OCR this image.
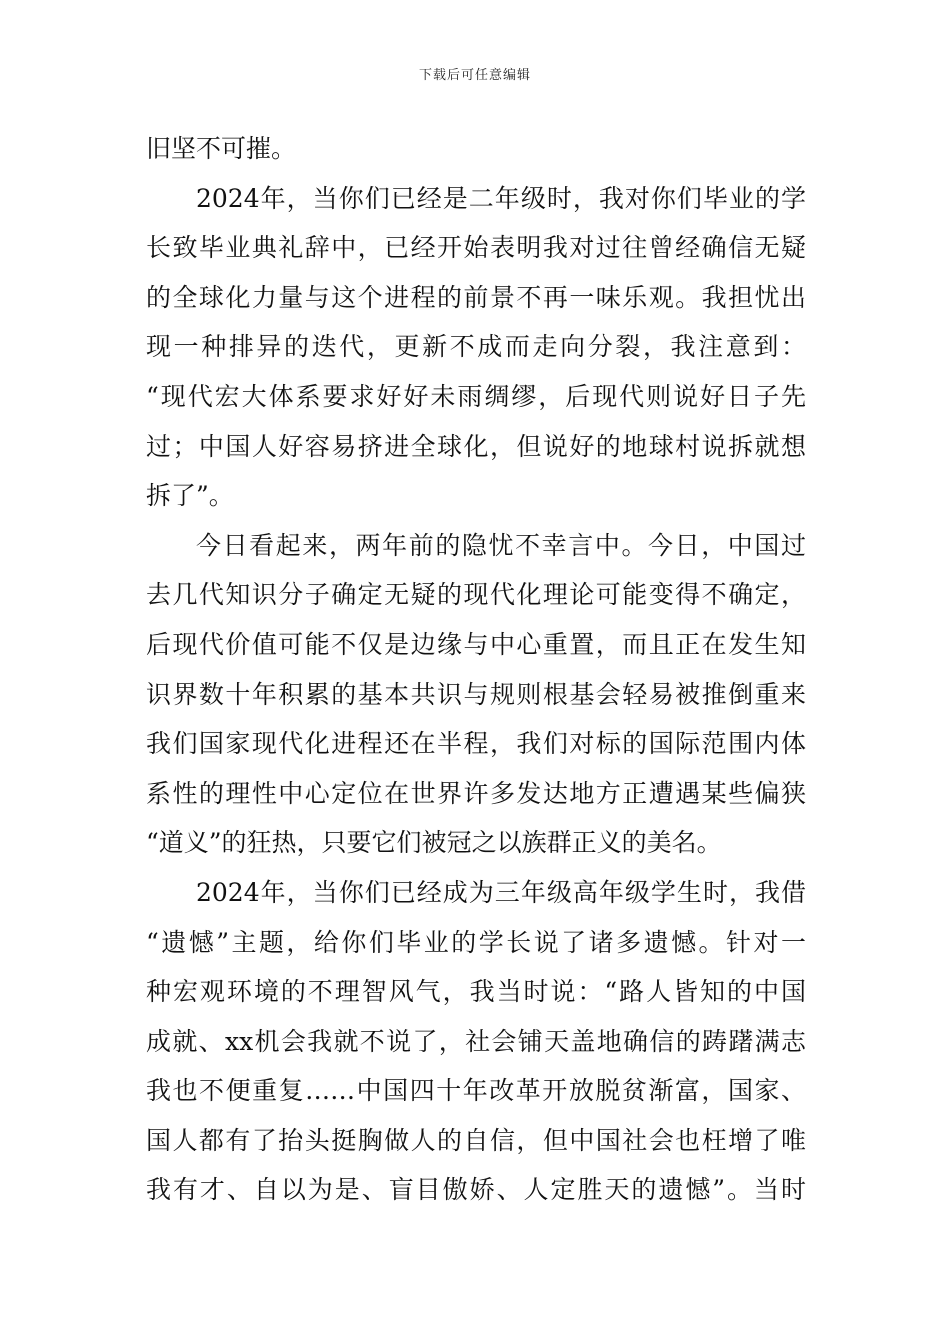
下载后可任意编辑
旧坚不可摧。
2024年，当你们已经是二年级时，我对你们毕业的学
长致毕业典礼辞中，已经开始表明我对过往曾经确信无疑
的全球化力量与这个进程的前景不再一味乐观。我担忧出
现一种排异的迭代，更新不成而走向分裂，我注意到：
“现代宏大体系要求好好未雨绸缪，后现代则说好日子先
过；中国人好容易挤进全球化，但说好的地球村说拆就想
拆了”。
今日看起来，两年前的隐忧不幸言中。今日，中国过
去几代知识分子确定无疑的现代化理论可能变得不确定，
后现代价值可能不仅是边缘与中心重置，而且正在发生知
识界数十年积累的基本共识与规则根基会轻易被推倒重来
我们国家现代化进程还在半程，我们对标的国际范围内体
系性的理性中心定位在世界许多发达地方正遭遇某些偏狭
“道义”的狂热，只要它们被冠之以族群正义的美名。
2024年，当你们已经成为三年级高年级学生时，我借
“遗憾”主题，给你们毕业的学长说了诸多遗憾。针对一
种宏观环境的不理智风气，我当时说：“路人皆知的中国
成就、xx机会我就不说了，社会铺天盖地确信的踌躇满志
我也不便重复……中国四十年改革开放脱贫渐富，国家、
国人都有了抬头挺胸做人的自信，但中国社会也枉增了唯
我有才、自以为是、盲目傲娇、人定胜天的遗憾”。当时
